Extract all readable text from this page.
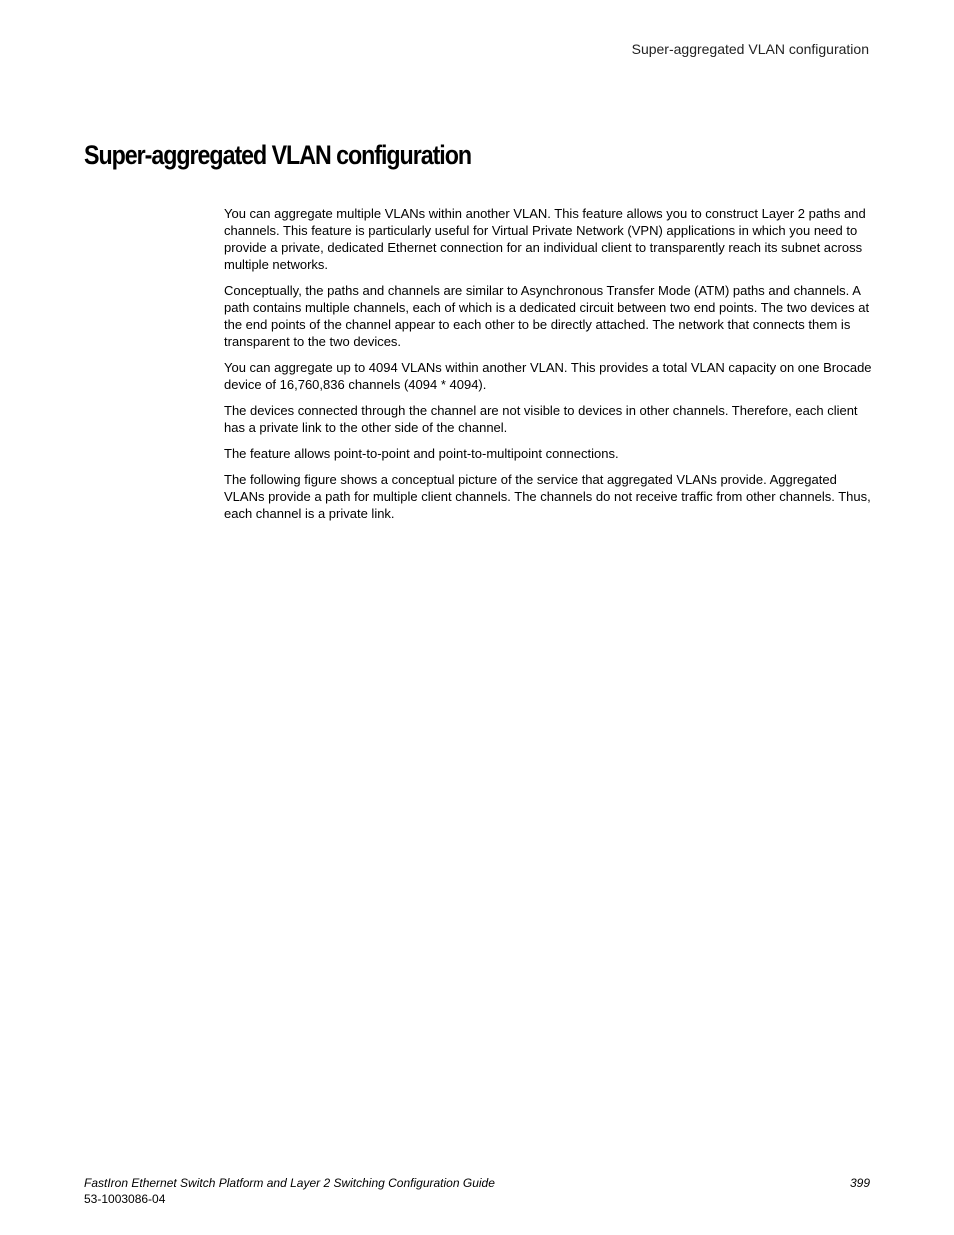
Super-aggregated VLAN configuration
Super-aggregated VLAN configuration

You can aggregate multiple VLANs within another VLAN. This feature allows you to construct Layer 2 paths and channels. This feature is particularly useful for Virtual Private Network (VPN) applications in which you need to provide a private, dedicated Ethernet connection for an individual client to transparently reach its subnet across multiple networks.

Conceptually, the paths and channels are similar to Asynchronous Transfer Mode (ATM) paths and channels. A path contains multiple channels, each of which is a dedicated circuit between two end points. The two devices at the end points of the channel appear to each other to be directly attached. The network that connects them is transparent to the two devices.

You can aggregate up to 4094 VLANs within another VLAN. This provides a total VLAN capacity on one Brocade device of 16,760,836 channels (4094 * 4094).

The devices connected through the channel are not visible to devices in other channels. Therefore, each client has a private link to the other side of the channel.

The feature allows point-to-point and point-to-multipoint connections.

The following figure shows a conceptual picture of the service that aggregated VLANs provide. Aggregated VLANs provide a path for multiple client channels. The channels do not receive traffic from other channels. Thus, each channel is a private link.

FastIron Ethernet Switch Platform and Layer 2 Switching Configuration Guide
53-1003086-04
399
